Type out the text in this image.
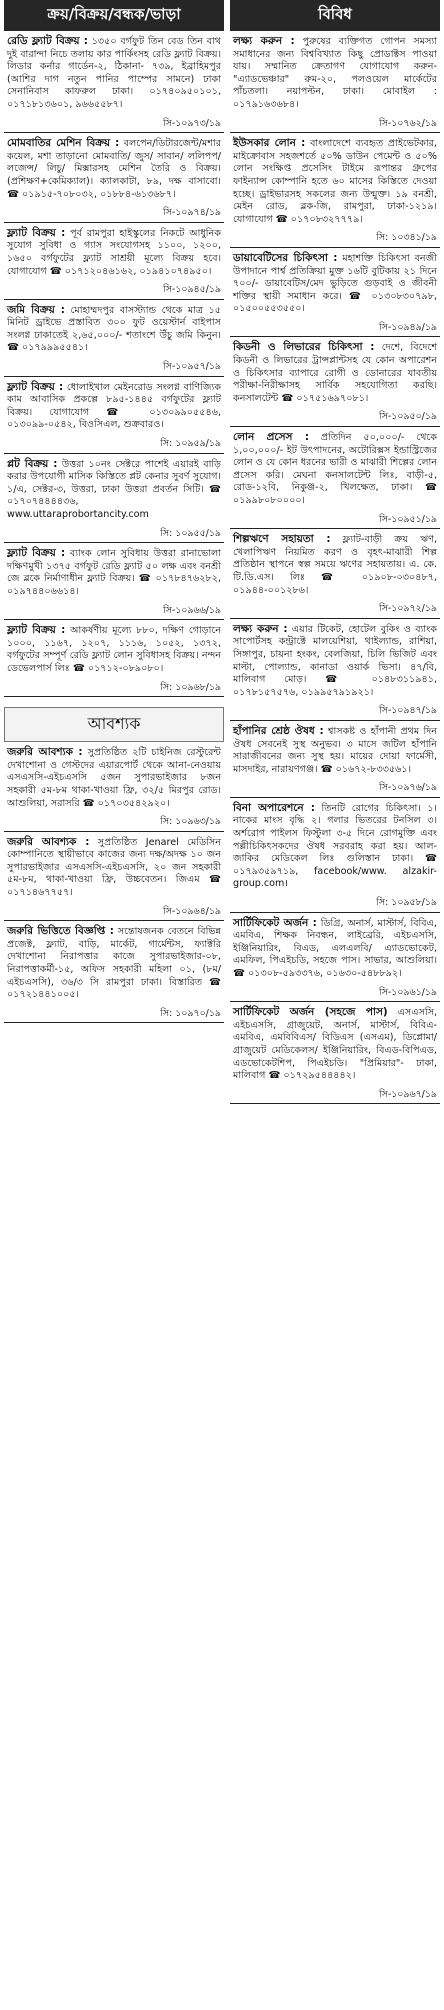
ক্রয়/বিক্রয়/বন্ধক/ভাড়া
রেডি ফ্ল্যাট বিক্রয় : ১৩৫০ বর্গফুট তিন বেড তিন বাথ দুই বারান্দা নিচে তলায় কার পার্কিংসহ রেডি ফ্ল্যাট বিক্রয়। লিডার কর্নার গার্ডেন-২, ঠিকানা- ৭৩৯, ইব্রাহিমপুর (আশির দাগ নতুন পানির পাম্পের সামনে) ঢাকা সেনানিবাস কাফরুল ঢাকা। ০১৭৪০৯৫০১০১, ০১৭১৮১৩৬০১, ৯৬৬৫৫৮৭।
সি-১০৯৭৩/১৯
মোমবাতির মেশিন বিক্রয় : বলপেন/ডিটারজেন্ট/মশার কয়েল, মশা তাড়ানো মোমবাতি/ জুস/ সাবান/ ললিপপ/লজেন্স/ লিচু/ মিক্সারসহ মেশিন তৈরি ও বিক্রয়। (প্রশিক্ষণ+কেমিক্যাল)। ক্যালকাটা, ৮৯, দক্ষ বাসাবো। ☎ ০১৯১৫-৭০৮০৩২, ০১৮৮৪-৬১৩৬৮৭।
সি-১০৯৭৪/১৯
ফ্ল্যাট বিক্রয় : পূর্ব রামপুরা হাইস্কুলের নিকটে আধুনিক সুযোগ সুবিধা ও গ্যাস সংযোগসহ ১১০০, ১২০০, ১৬৫০ বর্গফুটের ফ্ল্যাট সাশ্রয়ী মূল্যে বিক্রয় হবে। যোগাযোগ ☎ ০১৭১২০৪৬১৬২, ০১৯৪১০৭৪৯৫০।
সি-১০৯৪৫/১৯
জমি বিক্রয় : মোহাম্মদপুর বাসস্ট্যান্ড থেকে মাত্র ১৫ মিনিট ড্রাইভে প্রস্তাবিত ৩০০ ফুট ওয়েস্টার্ন বাইপাস সংলগ্ন ঢাকাতেই ২,৬৫,০০০/- শতাংশে উঁচু জমি কিনুন। ☎ ০১৭৯৯৯৫৫৪১।
সি-১০৯৫৭/১৯
ফ্ল্যাট বিক্রয় : ধোলাইখাল মেইনরোড সংলগ্ন বাণিজ্যিক কাম আবাসিক প্রকল্পে ৮৯৫-১৪৪৫ বর্গফুটের ফ্ল্যাট বিক্রয়। যোগাযোগ ☎ ০১৩০৯৯০৫৫৪৬, ০১৩০৯৯-০৫৪২, বিওসিএল, শুক্রবারও।
সি: ১০৯৫৯/১৯
প্লট বিক্রয় : উত্তরা ১০নং সেক্টরে পাশেই এয়ারই বাড়ি করার উপযোগী মাসিক কিস্তিতে প্লট কেনার সুবর্ণ সুযোগ। ১/এ, সেক্টর-৩, উত্তরা, ঢাকা উত্তরা প্রবর্তন সিটি। ☎ ০১৭০৭৪৪৪৪৩৬, www.uttaraprobortancity.com
সি: ১০৯৫৫/১৯
ফ্ল্যাট বিক্রয় : ব্যাংক লোন সুবিধায় উত্তরা রানাভোলা দক্ষিণমুখী ১৩৭৫ বর্গফুট রেডি ফ্ল্যাট ৫০ লক্ষ এবং বনশ্রী জে ব্লকে নির্মাণাধীন ফ্ল্যাট বিক্রয়। ☎ ০১৭৮৪৭৬২৮২, ০১৯৭৪৪০৬৬১৪।
সি-১০৯৬৬/১৯
ফ্ল্যাট বিক্রয় : আকর্ষণীয় মূল্যে ৮৮০, দক্ষিণ গোড়ানে ১০০০, ১১৬৭, ১২০৭, ১১১৬, ১০৫২, ১৩৭২, বর্গফুটের সম্পূর্ণ রেডি ফ্ল্যাট লোন সুবিধাসহ বিক্রয়। নন্দন ডেভেলপার্স লিঃ ☎ ০১৭১২-০৮৯০৮০।
সি: ১০৯৬৮/১৯
আবশ্যক
জরুরি আবশ্যক : সুপ্রতিষ্ঠিত ২টি চাইনিজ রেস্টুরেন্ট দেখাশোনা ও গেস্টদের এয়ারপোর্ট থেকে আনা-নেওয়ায় এসএসসি-এইচএসসি ৫জন সুপারভাইজার ৮জন সহকারী ৫ম-৮ম থাকা-খাওয়া ফ্রি, ৩২/৫ মিরপুর রোড। আশুলিয়া, সরাসরি ☎ ০১৭০৩৫৪২৯২০।
সি: ১০৯৬৩/১৯
জরুরি আবশ্যক : সুপ্রতিষ্ঠিত Jenarel মেডিসিন কোম্পানিতে স্থায়ীভাবে কাজের জন্য দক্ষ/অদক্ষ ১০ জন সুপারভাইজার এসএসসি-এইচএসসি, ২০ জন সহকারী ৫ম-৮ম, থাকা-খাওয়া ফ্রি, উচ্চবেতন। জিএম ☎ ০১৭১৪৬৭৭৫৭।
সি-১০৯৬৪/১৯
জরুরি ভিত্তিতে বিজ্ঞপ্তি : সন্তোষজনক বেতনে বিভিন্ন প্রজেক্ট, ফ্ল্যাট, বাড়ি, মার্কেট, গার্মেন্টস, ফ্যাক্টরি দেখাশোনা নিরাপত্তার কাজে সুপারভাইজার-০৮, নিরাপত্তাকর্মী-১৫, অফিস সহকারী মহিলা ০১, (৮ম/এইচএসসি), ৩৬/৩ সি রামপুরা ঢাকা। বিস্তারিত ☎ ০১৭২১৪৪১০০৫।
সি: ১০৯৭০/১৯
বিবিধ
লক্ষ্য করুন : পুরুষের ব্যক্তিগত গোপন সমস্যা সমাধানের জন্য বিশ্ববিখ্যাত কিছু প্রোডাক্টস পাওয়া যায়। সম্মানিত ক্রেতাগণ যোগাযোগ করুন- "এ্যাডভেঞ্চার" রুম-২০, পলওয়েল মার্কেটের পাঁচতলা। নয়াপল্টন, ঢাকা। মোবাইল : ০১৭৯১৬৩৬৮৪।
সি-১০৭৬২/১৯
ইউসকার লোন : বাংলাদেশে ব্যবহৃত প্রাইভেটকার, মাইক্রোবাস সহজশর্তে ৫০% ডাউন পেমেন্ট ও ৫০% লোন সংক্ষিপ্ত প্রসেসিং টাইমে রূপান্তর গ্রুপের ফাইন্যান্স কোম্পানি হতে ৬০ মাসের কিস্তিতে দেওয়া হচ্ছে। ড্রাইভারসহ সকলের জন্য উন্মুক্ত। ১৯ বনশ্রী, মেইন রোড, ব্লক-জি, রামপুরা, ঢাকা-১২১৯। যোগাযোগ ☎ ০১৭০৮৩২৭৭৭৯।
সি: ১০৩৪১/১৯
ডায়াবেটিসের চিকিৎসা : মহাশক্তি চিকিৎসা বনজী উপাদানে পার্শ্ব প্রতিক্রিয়া মুক্ত ১৬টি বুটিকায় ২১ দিনে ৭০০/- ডায়াবেটিস/মেদ ভুড়িতে গুড়বাই ও জীবনী শক্তির স্থায়ী সমাধান করে। ☎ ০১৩০৮৩০৭৯৮, ০১৫০০৫৫৩৫৫০।
সি-১০৯৪৯/১৯
কিডনী ও লিভারের চিকিৎসা : দেশে, বিদেশে কিডনী ও লিভারের ট্রান্সপ্লান্টসহ যে কোন অপারেশন ও চিকিৎসার ব্যাপারে রোগী ও ডোনারের যাবতীয় পরীক্ষা-নিরীক্ষাসহ সার্বিক সহযোগিতা করছি। কনসালটেন্ট ☎ ০১৭৫১৬৯৭০৮১।
সি-১০৯৫০/১৯
লোন প্রসেস : প্রতিদিন ৫০,০০০/- থেকে ১,০০,০০০/- ইট উৎপাদনের, অটোরিক্সস ইন্ডাস্ট্রিজের লোন ও যে কোন ধরনের ভারী ও মাঝারী শিল্পের লোন প্রসেস করি। মেঘনা কনসালটেন্ট লিঃ, বাড়ী-৫, রোড-১২বি, নিকুঞ্জ-২, খিলক্ষেত, ঢাকা। ☎ ০১৯৯৮০৮০০০০।
সি-১০৯৫১/১৯
শিল্পঋণে সহায়তা : ফ্ল্যাট-বাড়ী ক্রয় ঋণ, খেলাপিঋণ নিয়মিত করণ ও বৃহৎ-মাঝারী শিল্প প্রতিষ্ঠান স্থাপনে স্বল্প সময়ে ঋণের সহায়তায়। এ. কে. টি.ডি.এস। লিঃ ☎ ০১৯০৮-০৩০৪৮৭, ০১৯৪৪-০০১২৮৬।
সি-১০৯৭২/১৯
লক্ষ্য করুন : এয়ার টিকেট, হোটেল বুকিং ও ব্যাংক সাপোর্টসহ কন্ট্রাক্টে মালয়েশিয়া, থাইল্যান্ড, রাশিয়া, সিঙ্গাপুর, চায়না হংকং, বেলজিয়া, চিলি ভিজিট এবং মাল্টা, পোল্যান্ড, কানাডা ওয়ার্ক ভিসা। ৪৭/বি, মালিবাগ মোড়। ☎ ০১৪৮৩১১৯৪১, ০১৭৮১৫৭৫৭৬, ০১৯৯৫৭৯১৯২১।
সি-১০৯৪৭/১৯
হাঁপানির শ্রেষ্ঠ ঔষধ : শ্বাসকষ্ট ও হাঁপানী প্রথম দিন ঔষধ সেবনেই সুস্থ অনুভব। ৩ মাসে জটিল হাঁপানি সারাজীবনের জন্য সুস্থ হয়। মায়ের দোয়া ফার্মেসী, মাসদাইর, নারায়ণগঞ্জ। ☎ ০১৬৭২-৮৩৩৫৬১।
সি-১০৯৭৬/১৯
বিনা অপারেশনে : তিনটি রোগের চিকিৎসা। ১। নাকের মাংস বৃদ্ধি ২। গলার ভিতরের টনসিল ৩। অর্শরোগ পাইলস ফিস্টুলা ৩-৫ দিনে রোগমুক্তি এবং পল্লীচিকিৎসকদের ঔষধ সরবরাহ করা হয়। আল-জাকির মেডিকেল লিঃ গুলিস্তান ঢাকা। ☎ ০১৭৯৩৫৯৭১৯, facebook/www. alzakir-group.com।
সি: ১০৯৫৮/১৯
সার্টিফিকেট অর্জন : ডিগ্রি, অনার্স, মাস্টার্স, বিবিএ, এমবিএ, শিক্ষক নিবন্ধন, লাইব্রেরি, এইচএসসি, ইঞ্জিনিয়ারিং, বিএড, এলএলবি/ এ্যাডভোকেট, এমফিল, পিএইচডি, সহজে পাস। সাভার, আশুলিয়া। ☎ ০১৩০৮-৫৯৩৩৭৬, ০১৬৩০-৫৪৮৮৯২।
সি-১০৯৬১/১৯
সার্টিফিকেট অর্জন (সহজে পাস) এসএসসি, এইচএসসি, গ্রাজুয়েট, অনার্স, মাস্টার্স, বিবিএ-এমবিএ, এমবিবিএস/ বিডিএস (এসএম), ডিপ্লোমা/ গ্রাজুয়েট মেডিকেলস/ ইঞ্জিনিয়ারিং, বিএড-বিপিএড, এডভোকেটশিপ, পিএইচডি। "প্রিমিয়ার"- ঢাকা, মালিবাগ ☎ ০১৭২৯৫৪৪৪৪২।
সি-১০৯৬৭/১৯
